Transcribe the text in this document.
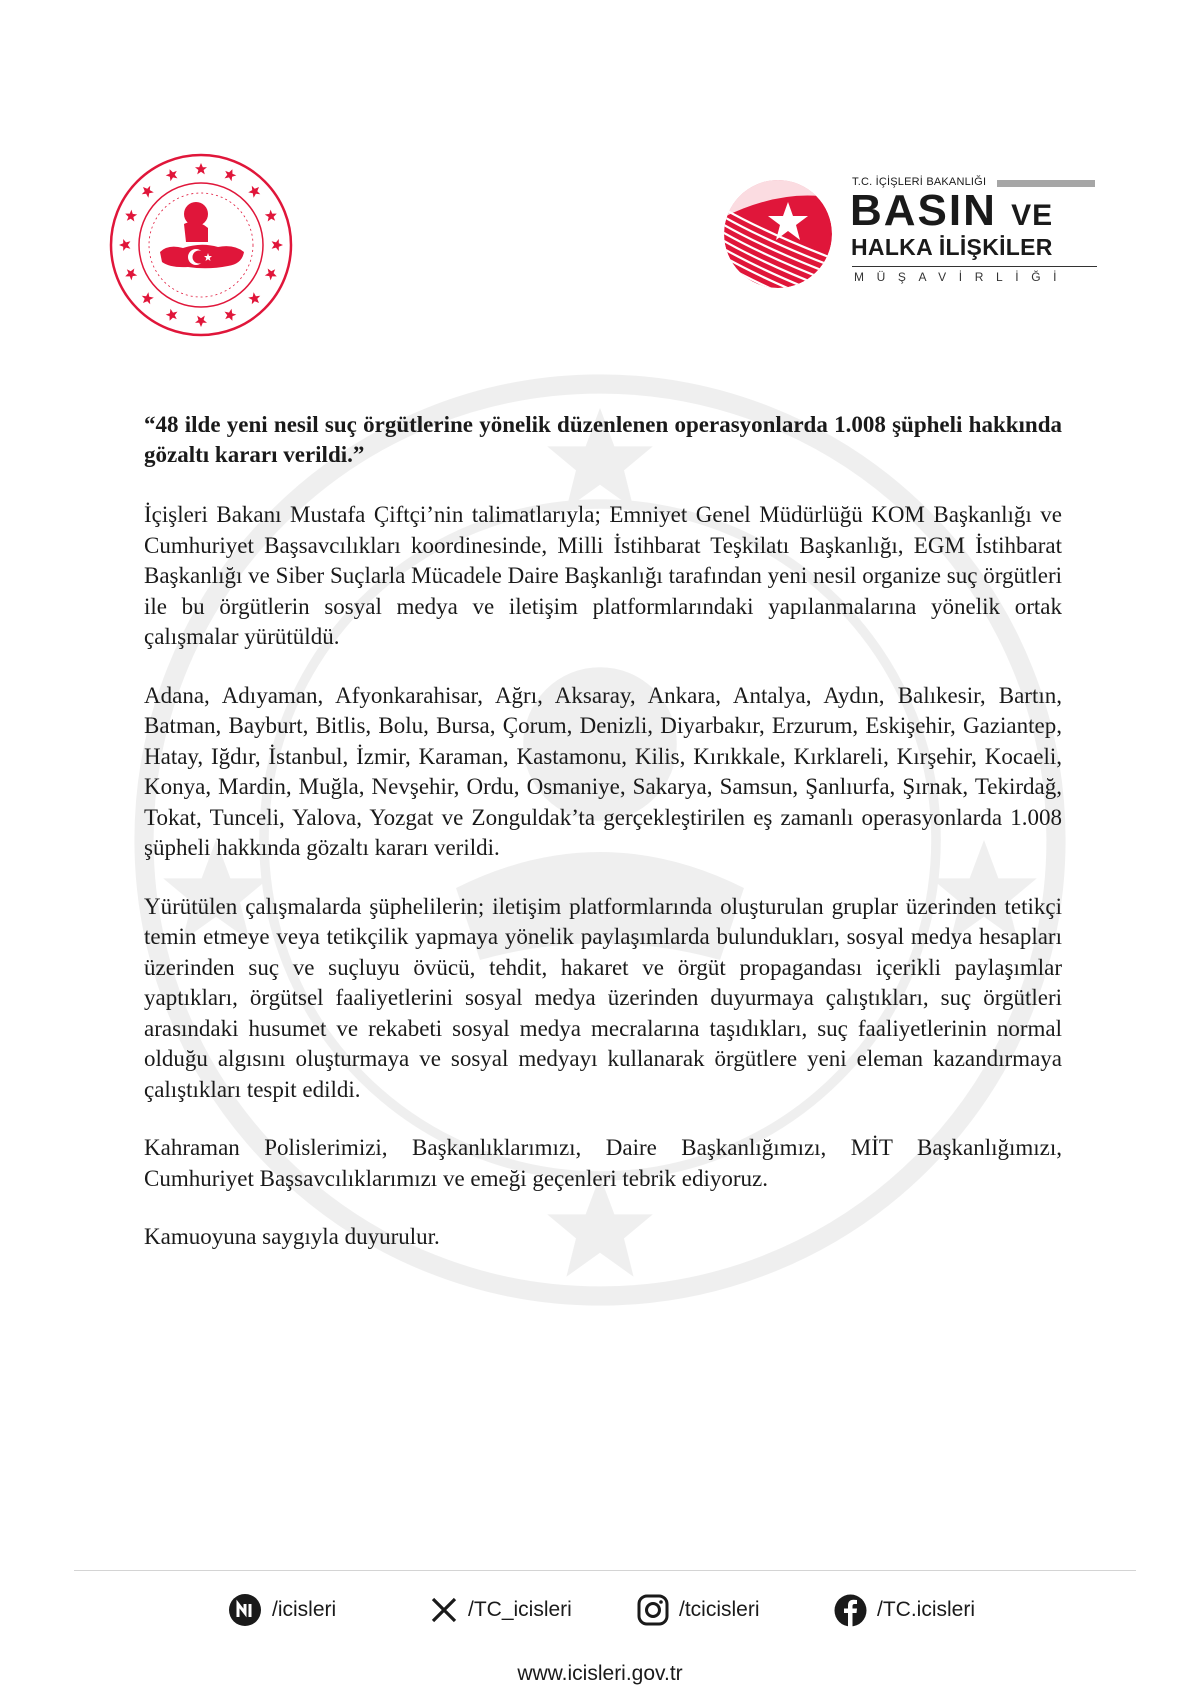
T.C. İÇİŞLERİ BAKANLIĞI
BASIN VE
HALKA İLİŞKİLER
MÜŞAVİRLİĞİ

“48 ilde yeni nesil suç örgütlerine yönelik düzenlenen operasyonlarda 1.008 şüpheli hakkında gözaltı kararı verildi.”

İçişleri Bakanı Mustafa Çiftçi’nin talimatlarıyla; Emniyet Genel Müdürlüğü KOM Başkanlığı ve Cumhuriyet Başsavcılıkları koordinesinde, Milli İstihbarat Teşkilatı Başkanlığı, EGM İstihbarat Başkanlığı ve Siber Suçlarla Mücadele Daire Başkanlığı tarafından yeni nesil organize suç örgütleri ile bu örgütlerin sosyal medya ve iletişim platformlarındaki yapılanmalarına yönelik ortak çalışmalar yürütüldü.

Adana, Adıyaman, Afyonkarahisar, Ağrı, Aksaray, Ankara, Antalya, Aydın, Balıkesir, Bartın, Batman, Bayburt, Bitlis, Bolu, Bursa, Çorum, Denizli, Diyarbakır, Erzurum, Eskişehir, Gaziantep, Hatay, Iğdır, İstanbul, İzmir, Karaman, Kastamonu, Kilis, Kırıkkale, Kırklareli, Kırşehir, Kocaeli, Konya, Mardin, Muğla, Nevşehir, Ordu, Osmaniye, Sakarya, Samsun, Şanlıurfa, Şırnak, Tekirdağ, Tokat, Tunceli, Yalova, Yozgat ve Zonguldak’ta gerçekleştirilen eş zamanlı operasyonlarda 1.008 şüpheli hakkında gözaltı kararı verildi.

Yürütülen çalışmalarda şüphelilerin; iletişim platformlarında oluşturulan gruplar üzerinden tetikçi temin etmeye veya tetikçilik yapmaya yönelik paylaşımlarda bulundukları, sosyal medya hesapları üzerinden suç ve suçluyu övücü, tehdit, hakaret ve örgüt propagandası içerikli paylaşımlar yaptıkları, örgütsel faaliyetlerini sosyal medya üzerinden duyurmaya çalıştıkları, suç örgütleri arasındaki husumet ve rekabeti sosyal medya mecralarına taşıdıkları, suç faaliyetlerinin normal olduğu algısını oluşturmaya ve sosyal medyayı kullanarak örgütlere yeni eleman kazandırmaya çalıştıkları tespit edildi.

Kahraman Polislerimizi, Başkanlıklarımızı, Daire Başkanlığımızı, MİT Başkanlığımızı, Cumhuriyet Başsavcılıklarımızı ve emeği geçenleri tebrik ediyoruz.

Kamuoyuna saygıyla duyurulur.

/icisleri	/TC_icisleri	/tcicisleri	/TC.icisleri
www.icisleri.gov.tr
